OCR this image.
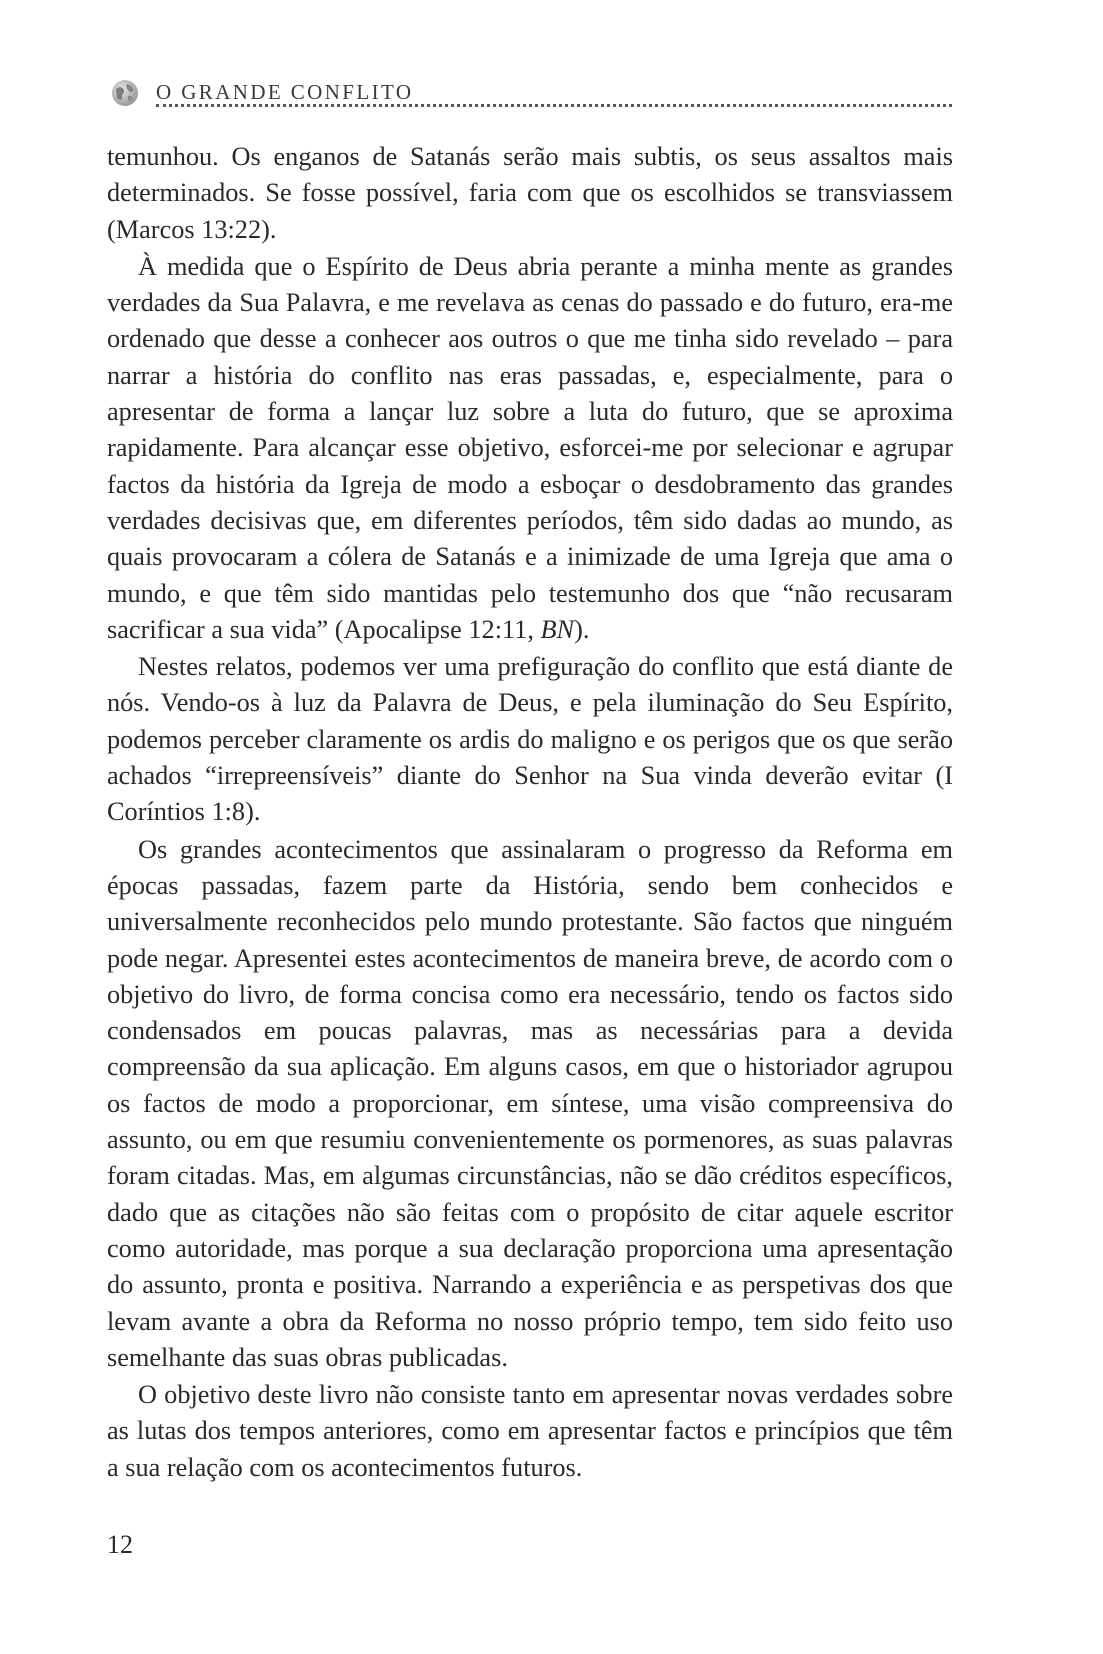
O GRANDE CONFLITO

temunhou. Os enganos de Satanás serão mais subtis, os seus assaltos mais determinados. Se fosse possível, faria com que os escolhidos se transviassem (Marcos 13:22).

À medida que o Espírito de Deus abria perante a minha mente as grandes verdades da Sua Palavra, e me revelava as cenas do passado e do futuro, era-me ordenado que desse a conhecer aos outros o que me tinha sido revelado – para narrar a história do conflito nas eras passadas, e, especialmente, para o apresentar de forma a lançar luz sobre a luta do futuro, que se aproxima rapidamente. Para alcançar esse objetivo, esforcei-me por selecionar e agrupar factos da história da Igreja de modo a esboçar o desdobramento das grandes verdades decisivas que, em diferentes períodos, têm sido dadas ao mundo, as quais provocaram a cólera de Satanás e a inimizade de uma Igreja que ama o mundo, e que têm sido mantidas pelo testemunho dos que “não recusaram sacrificar a sua vida” (Apocalipse 12:11, BN).

Nestes relatos, podemos ver uma prefiguração do conflito que está diante de nós. Vendo-os à luz da Palavra de Deus, e pela iluminação do Seu Espírito, podemos perceber claramente os ardis do maligno e os perigos que os que serão achados “irrepreensíveis” diante do Senhor na Sua vinda deverão evitar (I Coríntios 1:8).

Os grandes acontecimentos que assinalaram o progresso da Reforma em épocas passadas, fazem parte da História, sendo bem conhecidos e universalmente reconhecidos pelo mundo protestante. São factos que ninguém pode negar. Apresentei estes acontecimentos de maneira breve, de acordo com o objetivo do livro, de forma concisa como era necessário, tendo os factos sido condensados em poucas palavras, mas as necessárias para a devida compreensão da sua aplicação. Em alguns casos, em que o historiador agrupou os factos de modo a proporcionar, em síntese, uma visão compreensiva do assunto, ou em que resumiu convenientemente os pormenores, as suas palavras foram citadas. Mas, em algumas circunstâncias, não se dão créditos específicos, dado que as citações não são feitas com o propósito de citar aquele escritor como autoridade, mas porque a sua declaração proporciona uma apresentação do assunto, pronta e positiva. Narrando a experiência e as perspetivas dos que levam avante a obra da Reforma no nosso próprio tempo, tem sido feito uso semelhante das suas obras publicadas.

O objetivo deste livro não consiste tanto em apresentar novas verdades sobre as lutas dos tempos anteriores, como em apresentar factos e princípios que têm a sua relação com os acontecimentos futuros.

12
